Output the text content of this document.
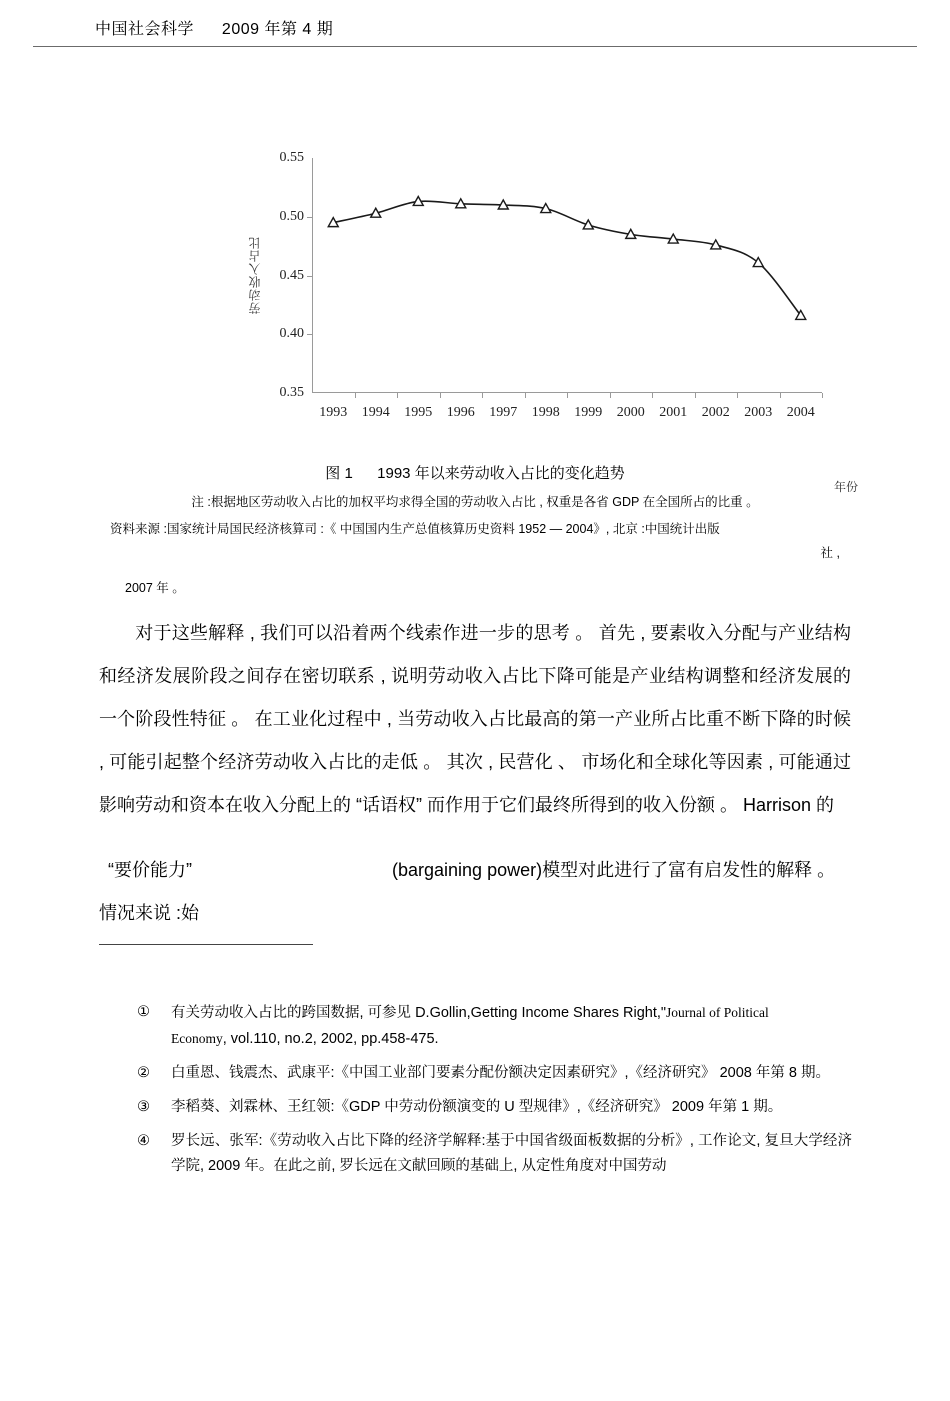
中国社会科学 2009 年第 4 期
劳动收入占比
0.55
0.50
0.45
0.40
0.35
1993 1994 1995 1996 1997 1998 1999 2000 2001 2002 2003 2004
年份
图 1 1993 年以来劳动收入占比的变化趋势
注 :根据地区劳动收入占比的加权平均求得全国的劳动收入占比 , 权重是各省 GDP 在全国所占的比重 。
资料来源 :国家统计局国民经济核算司 :《 中国国内生产总值核算历史资料 1952 — 2004》, 北京 :中国统计出版
社 ,
2007 年 。

对于这些解释 , 我们可以沿着两个线索作进一步的思考 。 首先 , 要素收入分配与产业结构和经济发展阶段之间存在密切联系 , 说明劳动收入占比下降可能是产业结构调整和经济发展的一个阶段性特征 。 在工业化过程中 , 当劳动收入占比最高的第一产业所占比重不断下降的时候 , 可能引起整个经济劳动收入占比的走低 。 其次 , 民营化 、 市场化和全球化等因素 , 可能通过影响劳动和资本在收入分配上的 “话语权” 而作用于它们最终所得到的收入份额 。 Harrison 的

“要价能力”	(bargaining power)模型对此进行了富有启发性的解释 。
情况来说 :始
① 有关劳动收入占比的跨国数据, 可参见 D.Gollin,Getting Income Shares Right,"Journal of Political
Economy, vol.110, no.2, 2002, pp.458-475.
② 白重恩、钱震杰、武康平:《中国工业部门要素分配份额决定因素研究》,《经济研究》 2008 年第 8 期。
③ 李稻葵、刘霖林、王红领:《GDP 中劳动份额演变的 U 型规律》,《经济研究》 2009 年第 1 期。
④ 罗长远、张军:《劳动收入占比下降的经济学解释:基于中国省级面板数据的分析》, 工作论文, 复旦大学经济学院, 2009 年。在此之前, 罗长远在文献回顾的基础上, 从定性角度对中国劳动
